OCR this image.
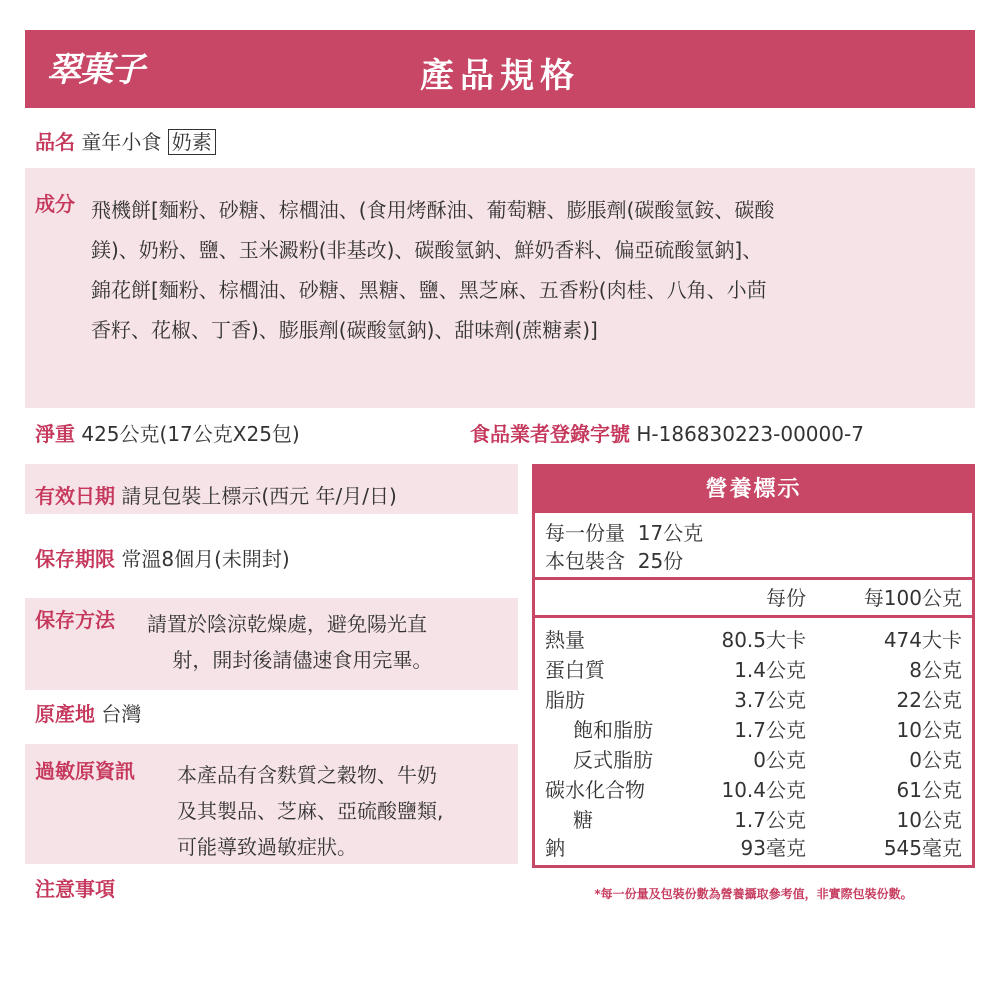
翠菓子	產品規格
品名 童年小食 奶素
成分 飛機餅[麵粉、砂糖、棕櫚油、(食用烤酥油、葡萄糖、膨脹劑(碳酸氫銨、碳酸
鎂)、奶粉、鹽、玉米澱粉(非基改)、碳酸氫鈉、鮮奶香料、偏亞硫酸氫鈉]、
錦花餅[麵粉、棕櫚油、砂糖、黑糖、鹽、黑芝麻、五香粉(肉桂、八角、小茴
香籽、花椒、丁香)、膨脹劑(碳酸氫鈉)、甜味劑(蔗糖素)]
淨重 425公克(17公克X25包)	食品業者登錄字號 H-186830223-00000-7
有效日期 請見包裝上標示(西元 年/月/日)
保存期限 常溫8個月(未開封)
保存方法 請置於陰涼乾燥處，避免陽光直
射，開封後請儘速食用完畢。
原產地 台灣
過敏原資訊 本產品有含麩質之穀物、牛奶
及其製品、芝麻、亞硫酸鹽類,
可能導致過敏症狀。
注意事項
營養標示
每一份量  17公克
本包裝含  25份
每份	每100公克
熱量	80.5大卡	474大卡
蛋白質	1.4公克	8公克
脂肪	3.7公克	22公克
飽和脂肪	1.7公克	10公克
反式脂肪	0公克	0公克
碳水化合物	10.4公克	61公克
糖	1.7公克	10公克
鈉	93毫克	545毫克
*每一份量及包裝份數為營養攝取參考值，非實際包裝份數。
